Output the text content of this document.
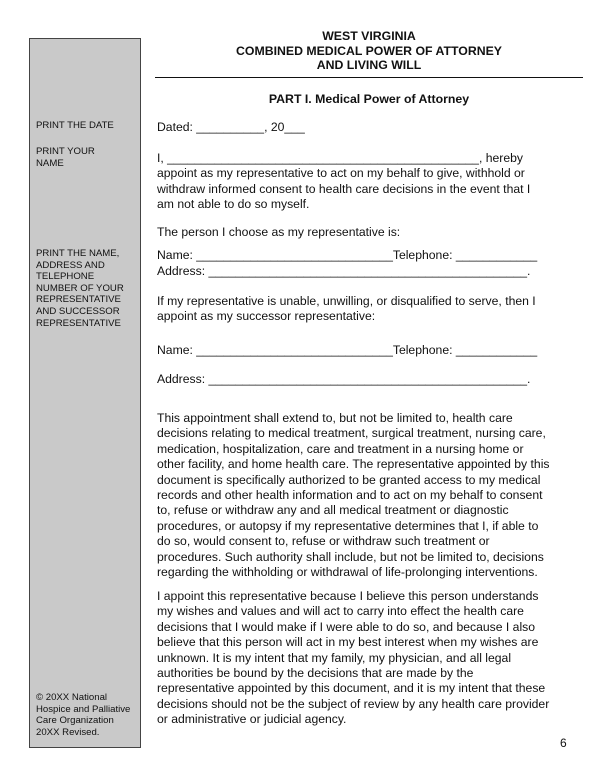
PRINT THE DATE
PRINT YOUR
NAME
PRINT THE NAME,
ADDRESS AND
TELEPHONE
NUMBER OF YOUR
REPRESENTATIVE
AND SUCCESSOR
REPRESENTATIVE
© 20XX National
Hospice and Palliative
Care Organization
20XX Revised.
WEST VIRGINIA
COMBINED MEDICAL POWER OF ATTORNEY
AND LIVING WILL
PART I. Medical Power of Attorney
Dated: __________, 20___
I, ______________________________________________, hereby
appoint as my representative to act on my behalf to give, withhold or
withdraw informed consent to health care decisions in the event that I
am not able to do so myself.
The person I choose as my representative is:
Name: _____________________________Telephone: ____________
Address: _______________________________________________.
If my representative is unable, unwilling, or disqualified to serve, then I
appoint as my successor representative:
Name: _____________________________Telephone: ____________
Address: _______________________________________________.
This appointment shall extend to, but not be limited to, health care
decisions relating to medical treatment, surgical treatment, nursing care,
medication, hospitalization, care and treatment in a nursing home or
other facility, and home health care. The representative appointed by this
document is specifically authorized to be granted access to my medical
records and other health information and to act on my behalf to consent
to, refuse or withdraw any and all medical treatment or diagnostic
procedures, or autopsy if my representative determines that I, if able to
do so, would consent to, refuse or withdraw such treatment or
procedures. Such authority shall include, but not be limited to, decisions
regarding the withholding or withdrawal of life-prolonging interventions.
I appoint this representative because I believe this person understands
my wishes and values and will act to carry into effect the health care
decisions that I would make if I were able to do so, and because I also
believe that this person will act in my best interest when my wishes are
unknown. It is my intent that my family, my physician, and all legal
authorities be bound by the decisions that are made by the
representative appointed by this document, and it is my intent that these
decisions should not be the subject of review by any health care provider
or administrative or judicial agency.
6
